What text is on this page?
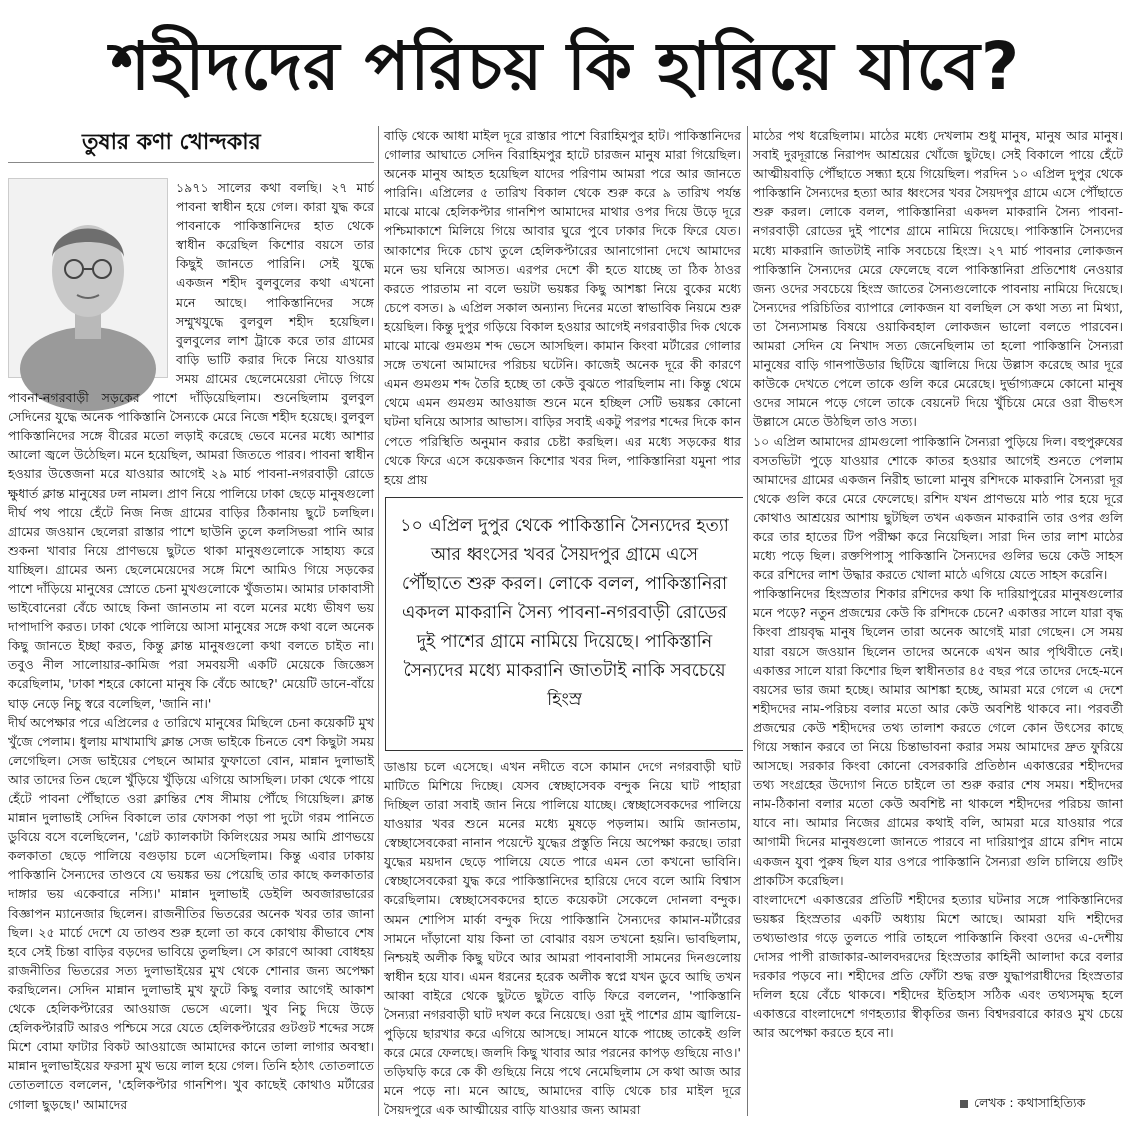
শহীদদের পরিচয় কি হারিয়ে যাবে?
তুষার কণা খোন্দকার

১৯৭১ সালের কথা বলছি। ২৭ মার্চ পাবনা স্বাধীন হয়ে গেল। কারা যুদ্ধ করে পাবনাকে পাকিস্তানিদের হাত থেকে স্বাধীন করেছিল কিশোর বয়সে তার কিছুই জানতে পারিনি। সেই যুদ্ধে একজন শহীদ বুলবুলের কথা এখনো মনে আছে। পাকিস্তানিদের সঙ্গে সম্মুখযুদ্ধে বুলবুল শহীদ হয়েছিল। বুলবুলের লাশ ট্রাকে করে তার গ্রামের বাড়ি ভাটি করার দিকে নিয়ে যাওয়ার সময় গ্রামের ছেলেমেয়েরা দৌড়ে গিয়ে পাবনা-নগরবাড়ী সড়কের পাশে দাঁড়িয়েছিলাম। শুনেছিলাম বুলবুল সেদিনের যুদ্ধে অনেক পাকিস্তানি সৈন্যকে মেরে নিজে শহীদ হয়েছে। বুলবুল পাকিস্তানিদের সঙ্গে বীরের মতো লড়াই করেছে ভেবে মনের মধ্যে আশার আলো জ্বলে উঠেছিল। মনে হয়েছিল, আমরা জিততে পারব। পাবনা স্বাধীন হওয়ার উত্তেজনা মরে যাওয়ার আগেই ২৯ মার্চ পাবনা-নগরবাড়ী রোডে ক্ষুধার্ত ক্লান্ত মানুষের ঢল নামল। প্রাণ নিয়ে পালিয়ে ঢাকা ছেড়ে মানুষগুলো দীর্ঘ পথ পায়ে হেঁটে নিজ নিজ গ্রামের বাড়ির ঠিকানায় ছুটে চলছিল। গ্রামের জওয়ান ছেলেরা রাস্তার পাশে ছাউনি তুলে কলসিভরা পানি আর শুকনা খাবার নিয়ে প্রাণভয়ে ছুটতে থাকা মানুষগুলোকে সাহায্য করে যাচ্ছিল। গ্রামের অন্য ছেলেমেয়েদের সঙ্গে মিশে আমিও গিয়ে সড়কের পাশে দাঁড়িয়ে মানুষের স্রোতে চেনা মুখগুলোকে খুঁজতাম। আমার ঢাকাবাসী ভাইবোনেরা বেঁচে আছে কিনা জানতাম না বলে মনের মধ্যে ভীষণ ভয় দাপাদাপি করত। ঢাকা থেকে পালিয়ে আসা মানুষের সঙ্গে কথা বলে অনেক কিছু জানতে ইচ্ছা করত, কিন্তু ক্লান্ত মানুষগুলো কথা বলতে চাইত না। তবুও নীল সালোয়ার-কামিজ পরা সমবয়সী একটি মেয়েকে জিজ্ঞেস করেছিলাম, 'ঢাকা শহরে কোনো মানুষ কি বেঁচে আছে?' মেয়েটি ডানে-বাঁয়ে ঘাড় নেড়ে নিচু স্বরে বলেছিল, 'জানি না।'

দীর্ঘ অপেক্ষার পরে এপ্রিলের ৫ তারিখে মানুষের মিছিলে চেনা কয়েকটি মুখ খুঁজে পেলাম। ধুলায় মাখামাখি ক্লান্ত সেজ ভাইকে চিনতে বেশ কিছুটা সময় লেগেছিল। সেজ ভাইয়ের পেছনে আমার ফুফাতো বোন, মান্নান দুলাভাই আর তাদের তিন ছেলে খুঁড়িয়ে খুঁড়িয়ে এগিয়ে আসছিল। ঢাকা থেকে পায়ে হেঁটে পাবনা পৌঁছাতে ওরা ক্লান্তির শেষ সীমায় পৌঁছে গিয়েছিল। ক্লান্ত মান্নান দুলাভাই সেদিন বিকালে তার ফোসকা পড়া পা দুটো গরম পানিতে ডুবিয়ে বসে বলেছিলেন, 'গ্রেট ক্যালকাটা কিলিংয়ের সময় আমি প্রাণভয়ে কলকাতা ছেড়ে পালিয়ে বগুড়ায় চলে এসেছিলাম। কিন্তু এবার ঢাকায় পাকিস্তানি সৈন্যদের তাণ্ডবে যে ভয়ঙ্কর ভয় পেয়েছি তার কাছে কলকাতার দাঙ্গার ভয় একেবারে নস্যি।' মান্নান দুলাভাই ডেইলি অবজারভারের বিজ্ঞাপন ম্যানেজার ছিলেন। রাজনীতির ভিতরের অনেক খবর তার জানা ছিল। ২৫ মার্চে দেশে যে তাণ্ডব শুরু হলো তা কবে কোথায় কীভাবে শেষ হবে সেই চিন্তা বাড়ির বড়দের ভাবিয়ে তুলছিল। সে কারণে আব্বা বোধহয় রাজনীতির ভিতরের সত্য দুলাভাইয়ের মুখ থেকে শোনার জন্য অপেক্ষা করছিলেন। সেদিন মান্নান দুলাভাই মুখ ফুটে কিছু বলার আগেই আকাশ থেকে হেলিকপ্টারের আওয়াজ ভেসে এলো। খুব নিচু দিয়ে উড়ে হেলিকপ্টারটি আরও পশ্চিমে সরে যেতে হেলিকপ্টারের গুটগুট শব্দের সঙ্গে মিশে বোমা ফাটার বিকট আওয়াজে আমাদের কানে তালা লাগার অবস্থা। মান্নান দুলাভাইয়ের ফরসা মুখ ভয়ে লাল হয়ে গেল। তিনি হঠাৎ তোতলাতে তোতলাতে বললেন, 'হেলিকপ্টার গানশিপ। খুব কাছেই কোথাও মর্টারের গোলা ছুড়ছে।' আমাদের

বাড়ি থেকে আধা মাইল দূরে রাস্তার পাশে বিরাহিমপুর হাট। পাকিস্তানিদের গোলার আঘাতে সেদিন বিরাহিমপুর হাটে চারজন মানুষ মারা গিয়েছিল। অনেক মানুষ আহত হয়েছিল যাদের পরিণাম আমরা পরে আর জানতে পারিনি। এপ্রিলের ৫ তারিখ বিকাল থেকে শুরু করে ৯ তারিখ পর্যন্ত মাঝে মাঝে হেলিকপ্টার গানশিপ আমাদের মাথার ওপর দিয়ে উড়ে দূরে পশ্চিমাকাশে মিলিয়ে গিয়ে আবার ঘুরে পুবে ঢাকার দিকে ফিরে যেত। আকাশের দিকে চোখ তুলে হেলিকপ্টারের আনাগোনা দেখে আমাদের মনে ভয় ঘনিয়ে আসত। এরপর দেশে কী হতে যাচ্ছে তা ঠিক ঠাওর করতে পারতাম না বলে ভয়টা ভয়ঙ্কর কিছু আশঙ্কা নিয়ে বুকের মধ্যে চেপে বসত। ৯ এপ্রিল সকাল অন্যান্য দিনের মতো স্বাভাবিক নিয়মে শুরু হয়েছিল। কিন্তু দুপুর গড়িয়ে বিকাল হওয়ার আগেই নগরবাড়ীর দিক থেকে মাঝে মাঝে গুমগুম শব্দ ভেসে আসছিল। কামান কিংবা মর্টারের গোলার সঙ্গে তখনো আমাদের পরিচয় ঘটেনি। কাজেই অনেক দূরে কী কারণে এমন গুমগুম শব্দ তৈরি হচ্ছে তা কেউ বুঝতে পারছিলাম না। কিন্তু থেমে থেমে এমন গুমগুম আওয়াজ শুনে মনে হচ্ছিল সেটি ভয়ঙ্কর কোনো ঘটনা ঘনিয়ে আসার আভাস। বাড়ির সবাই একটু পরপর শব্দের দিকে কান পেতে পরিস্থিতি অনুমান করার চেষ্টা করছিল। এর মধ্যে সড়কের ধার থেকে ফিরে এসে কয়েকজন কিশোর খবর দিল, পাকিস্তানিরা যমুনা পার হয়ে প্রায়

ডাঙায় চলে এসেছে। এখন নদীতে বসে কামান দেগে নগরবাড়ী ঘাট মাটিতে মিশিয়ে দিচ্ছে। যেসব স্বেচ্ছাসেবক বন্দুক নিয়ে ঘাট পাহারা দিচ্ছিল তারা সবাই জান নিয়ে পালিয়ে যাচ্ছে। স্বেচ্ছাসেবকদের পালিয়ে যাওয়ার খবর শুনে মনের মধ্যে মুষড়ে পড়লাম। আমি জানতাম, স্বেচ্ছাসেবকেরা নানান পয়েন্টে যুদ্ধের প্রস্তুতি নিয়ে অপেক্ষা করছে। তারা যুদ্ধের ময়দান ছেড়ে পালিয়ে যেতে পারে এমন তো কখনো ভাবিনি। স্বেচ্ছাসেবকেরা যুদ্ধ করে পাকিস্তানিদের হারিয়ে দেবে বলে আমি বিশ্বাস করেছিলাম। স্বেচ্ছাসেবকদের হাতে কয়েকটা সেকেলে দোনলা বন্দুক। অমন শোপিস মার্কা বন্দুক দিয়ে পাকিস্তানি সৈন্যদের কামান-মর্টারের সামনে দাঁড়ানো যায় কিনা তা বোঝার বয়স তখনো হয়নি। ভাবছিলাম, নিশ্চয়ই অলীক কিছু ঘটবে আর আমরা পাবনাবাসী সামনের দিনগুলোয় স্বাধীন হয়ে যাব। এমন ধরনের হরেক অলীক স্বপ্নে যখন ডুবে আছি তখন আব্বা বাইরে থেকে ছুটতে ছুটতে বাড়ি ফিরে বললেন, 'পাকিস্তানি সৈন্যরা নগরবাড়ী ঘাট দখল করে নিয়েছে। ওরা দুই পাশের গ্রাম জ্বালিয়ে-পুড়িয়ে ছারখার করে এগিয়ে আসছে। সামনে যাকে পাচ্ছে তাকেই গুলি করে মেরে ফেলছে। জলদি কিছু খাবার আর পরনের কাপড় গুছিয়ে নাও।' তড়িঘড়ি করে কে কী গুছিয়ে নিয়ে পথে নেমেছিলাম সে কথা আজ আর মনে পড়ে না। মনে আছে, আমাদের বাড়ি থেকে চার মাইল দূরে সৈয়দপুরে এক আত্মীয়ের বাড়ি যাওয়ার জন্য আমরা

১০ এপ্রিল দুপুর থেকে পাকিস্তানি সৈন্যদের হত্যা আর ধ্বংসের খবর সৈয়দপুর গ্রামে এসে পৌঁছাতে শুরু করল। লোকে বলল, পাকিস্তানিরা একদল মাকরানি সৈন্য পাবনা-নগরবাড়ী রোডের দুই পাশের গ্রামে নামিয়ে দিয়েছে। পাকিস্তানি সৈন্যদের মধ্যে মাকরানি জাতটাই নাকি সবচেয়ে হিংস্র

মাঠের পথ ধরেছিলাম। মাঠের মধ্যে দেখলাম শুধু মানুষ, মানুষ আর মানুষ। সবাই দুরদূরান্তে নিরাপদ আশ্রয়ের খোঁজে ছুটছে। সেই বিকালে পায়ে হেঁটে আত্মীয়বাড়ি পৌঁছাতে সন্ধ্যা হয়ে গিয়েছিল। পরদিন ১০ এপ্রিল দুপুর থেকে পাকিস্তানি সৈন্যদের হত্যা আর ধ্বংসের খবর সৈয়দপুর গ্রামে এসে পৌঁছাতে শুরু করল। লোকে বলল, পাকিস্তানিরা একদল মাকরানি সৈন্য পাবনা-নগরবাড়ী রোডের দুই পাশের গ্রামে নামিয়ে দিয়েছে। পাকিস্তানি সৈন্যদের মধ্যে মাকরানি জাতটাই নাকি সবচেয়ে হিংস্র। ২৭ মার্চ পাবনার লোকজন পাকিস্তানি সৈন্যদের মেরে ফেলেছে বলে পাকিস্তানিরা প্রতিশোধ নেওয়ার জন্য ওদের সবচেয়ে হিংস্র জাতের সৈন্যগুলোকে পাবনায় নামিয়ে দিয়েছে। সৈন্যদের পরিচিতির ব্যাপারে লোকজন যা বলছিল সে কথা সত্য না মিথ্যা, তা সৈন্যসামন্ত বিষয়ে ওয়াকিবহাল লোকজন ভালো বলতে পারবেন। আমরা সেদিন যে নিখাদ সত্য জেনেছিলাম তা হলো পাকিস্তানি সৈন্যরা মানুষের বাড়ি গানপাউডার ছিটিয়ে জ্বালিয়ে দিয়ে উল্লাস করেছে আর দূরে কাউকে দেখতে পেলে তাকে গুলি করে মেরেছে। দুর্ভাগ্যক্রমে কোনো মানুষ ওদের সামনে পড়ে গেলে তাকে বেয়নেট দিয়ে খুঁচিয়ে মেরে ওরা বীভৎস উল্লাসে মেতে উঠছিল তাও সত্য।

১০ এপ্রিল আমাদের গ্রামগুলো পাকিস্তানি সৈন্যরা পুড়িয়ে দিল। বহুপুরুষের বসতভিটা পুড়ে যাওয়ার শোকে কাতর হওয়ার আগেই শুনতে পেলাম আমাদের গ্রামের একজন নিরীহ ভালো মানুষ রশিদকে মাকরানি সৈন্যরা দূর থেকে গুলি করে মেরে ফেলেছে। রশিদ যখন প্রাণভয়ে মাঠ পার হয়ে দূরে কোথাও আশ্রয়ের আশায় ছুটছিল তখন একজন মাকরানি তার ওপর গুলি করে তার হাতের টিপ পরীক্ষা করে নিয়েছিল। সারা দিন তার লাশ মাঠের মধ্যে পড়ে ছিল। রক্তপিপাসু পাকিস্তানি সৈন্যদের গুলির ভয়ে কেউ সাহস করে রশিদের লাশ উদ্ধার করতে খোলা মাঠে এগিয়ে যেতে সাহস করেনি।

পাকিস্তানিদের হিংস্রতার শিকার রশিদের কথা কি দারিয়াপুরের মানুষগুলোর মনে পড়ে? নতুন প্রজন্মের কেউ কি রশিদকে চেনে? একাত্তর সালে যারা বৃদ্ধ কিংবা প্রায়বৃদ্ধ মানুষ ছিলেন তারা অনেক আগেই মারা গেছেন। সে সময় যারা বয়সে জওয়ান ছিলেন তাদের অনেকে এখন আর পৃথিবীতে নেই। একাত্তর সালে যারা কিশোর ছিল স্বাধীনতার ৪৫ বছর পরে তাদের দেহে-মনে বয়সের ভার জমা হচ্ছে। আমার আশঙ্কা হচ্ছে, আমরা মরে গেলে এ দেশে শহীদদের নাম-পরিচয় বলার মতো আর কেউ অবশিষ্ট থাকবে না। পরবর্তী প্রজন্মের কেউ শহীদদের তথ্য তালাশ করতে গেলে কোন উৎসের কাছে গিয়ে সন্ধান করবে তা নিয়ে চিন্তাভাবনা করার সময় আমাদের দ্রুত ফুরিয়ে আসছে। সরকার কিংবা কোনো বেসরকারি প্রতিষ্ঠান একাত্তরের শহীদদের তথ্য সংগ্রহের উদ্যোগ নিতে চাইলে তা শুরু করার শেষ সময়। শহীদদের নাম-ঠিকানা বলার মতো কেউ অবশিষ্ট না থাকলে শহীদদের পরিচয় জানা যাবে না। আমার নিজের গ্রামের কথাই বলি, আমরা মরে যাওয়ার পরে আগামী দিনের মানুষগুলো জানতে পারবে না দারিয়াপুর গ্রামে রশিদ নামে একজন যুবা পুরুষ ছিল যার ওপরে পাকিস্তানি সৈন্যরা গুলি চালিয়ে গুটিং প্রাকটিস করেছিল।

বাংলাদেশে একাত্তরের প্রতিটি শহীদের হত্যার ঘটনার সঙ্গে পাকিস্তানিদের ভয়ঙ্কর হিংস্রতার একটি অধ্যায় মিশে আছে। আমরা যদি শহীদের তথ্যভাণ্ডার গড়ে তুলতে পারি তাহলে পাকিস্তানি কিংবা ওদের এ-দেশীয় দোসর পাপী রাজাকার-আলবদরদের হিংস্রতার কাহিনী আলাদা করে বলার দরকার পড়বে না। শহীদের প্রতি ফোঁটা শুদ্ধ রক্ত যুদ্ধাপরাধীদের হিংস্রতার দলিল হয়ে বেঁচে থাকবে। শহীদের ইতিহাস সঠিক এবং তথ্যসমৃদ্ধ হলে একাত্তরে বাংলাদেশে গণহত্যার স্বীকৃতির জন্য বিশ্বদরবারে কারও মুখ চেয়ে আর অপেক্ষা করতে হবে না।

লেখক : কথাসাহিত্যিক
